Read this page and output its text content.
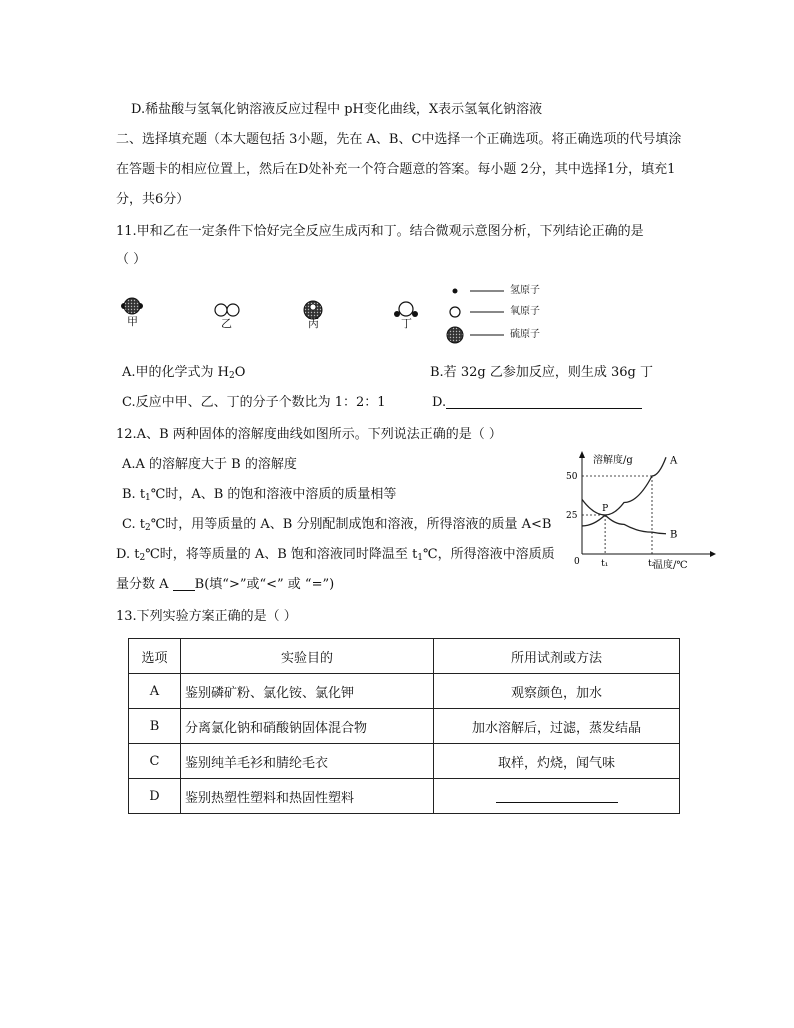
D.稀盐酸与氢氧化钠溶液反应过程中 pH变化曲线，X表示氢氧化钠溶液
二、选择填充题（本大题包括 3小题，先在 A、B、C中选择一个正确选项。将正确选项的代号填涂
在答题卡的相应位置上，然后在D处补充一个符合题意的答案。每小题 2分，其中选择1分，填充1
分，共6分）
11.甲和乙在一定条件下恰好完全反应生成丙和丁。结合微观示意图分析，下列结论正确的是
（ ）
甲	乙	丙	丁
氢原子
氧原子
硫原子
A.甲的化学式为 $H_2O$	B.若 32g 乙参加反应，则生成 36g 丁
C.反应中甲、乙、丁的分子个数比为 1：2：1	D.
12.A、B 两种固体的溶解度曲线如图所示。下列说法正确的是（ ）
A.A 的溶解度大于 B 的溶解度
B. $t_1℃$时，A、B 的饱和溶液中溶质的质量相等
C. $t_2℃$时，用等质量的 A、B 分别配制成饱和溶液，所得溶液的质量 A<B
D. $t_2℃$时，将等质量的 A、B 饱和溶液同时降温至 $t_1℃$，所得溶液中溶质质
量分数 A B(填“>”或“<” 或 “=”)
溶解度/g
温度/℃
0
25
50
t₁	t₂
A
B
P
13.下列实验方案正确的是（ ）
选项	实验目的	所用试剂或方法
A	鉴别磷矿粉、氯化铵、氯化钾	观察颜色，加水
B	分离氯化钠和硝酸钠固体混合物	加水溶解后，过滤，蒸发结晶
C	鉴别纯羊毛衫和腈纶毛衣	取样，灼烧，闻气味
D	鉴别热塑性塑料和热固性塑料	
